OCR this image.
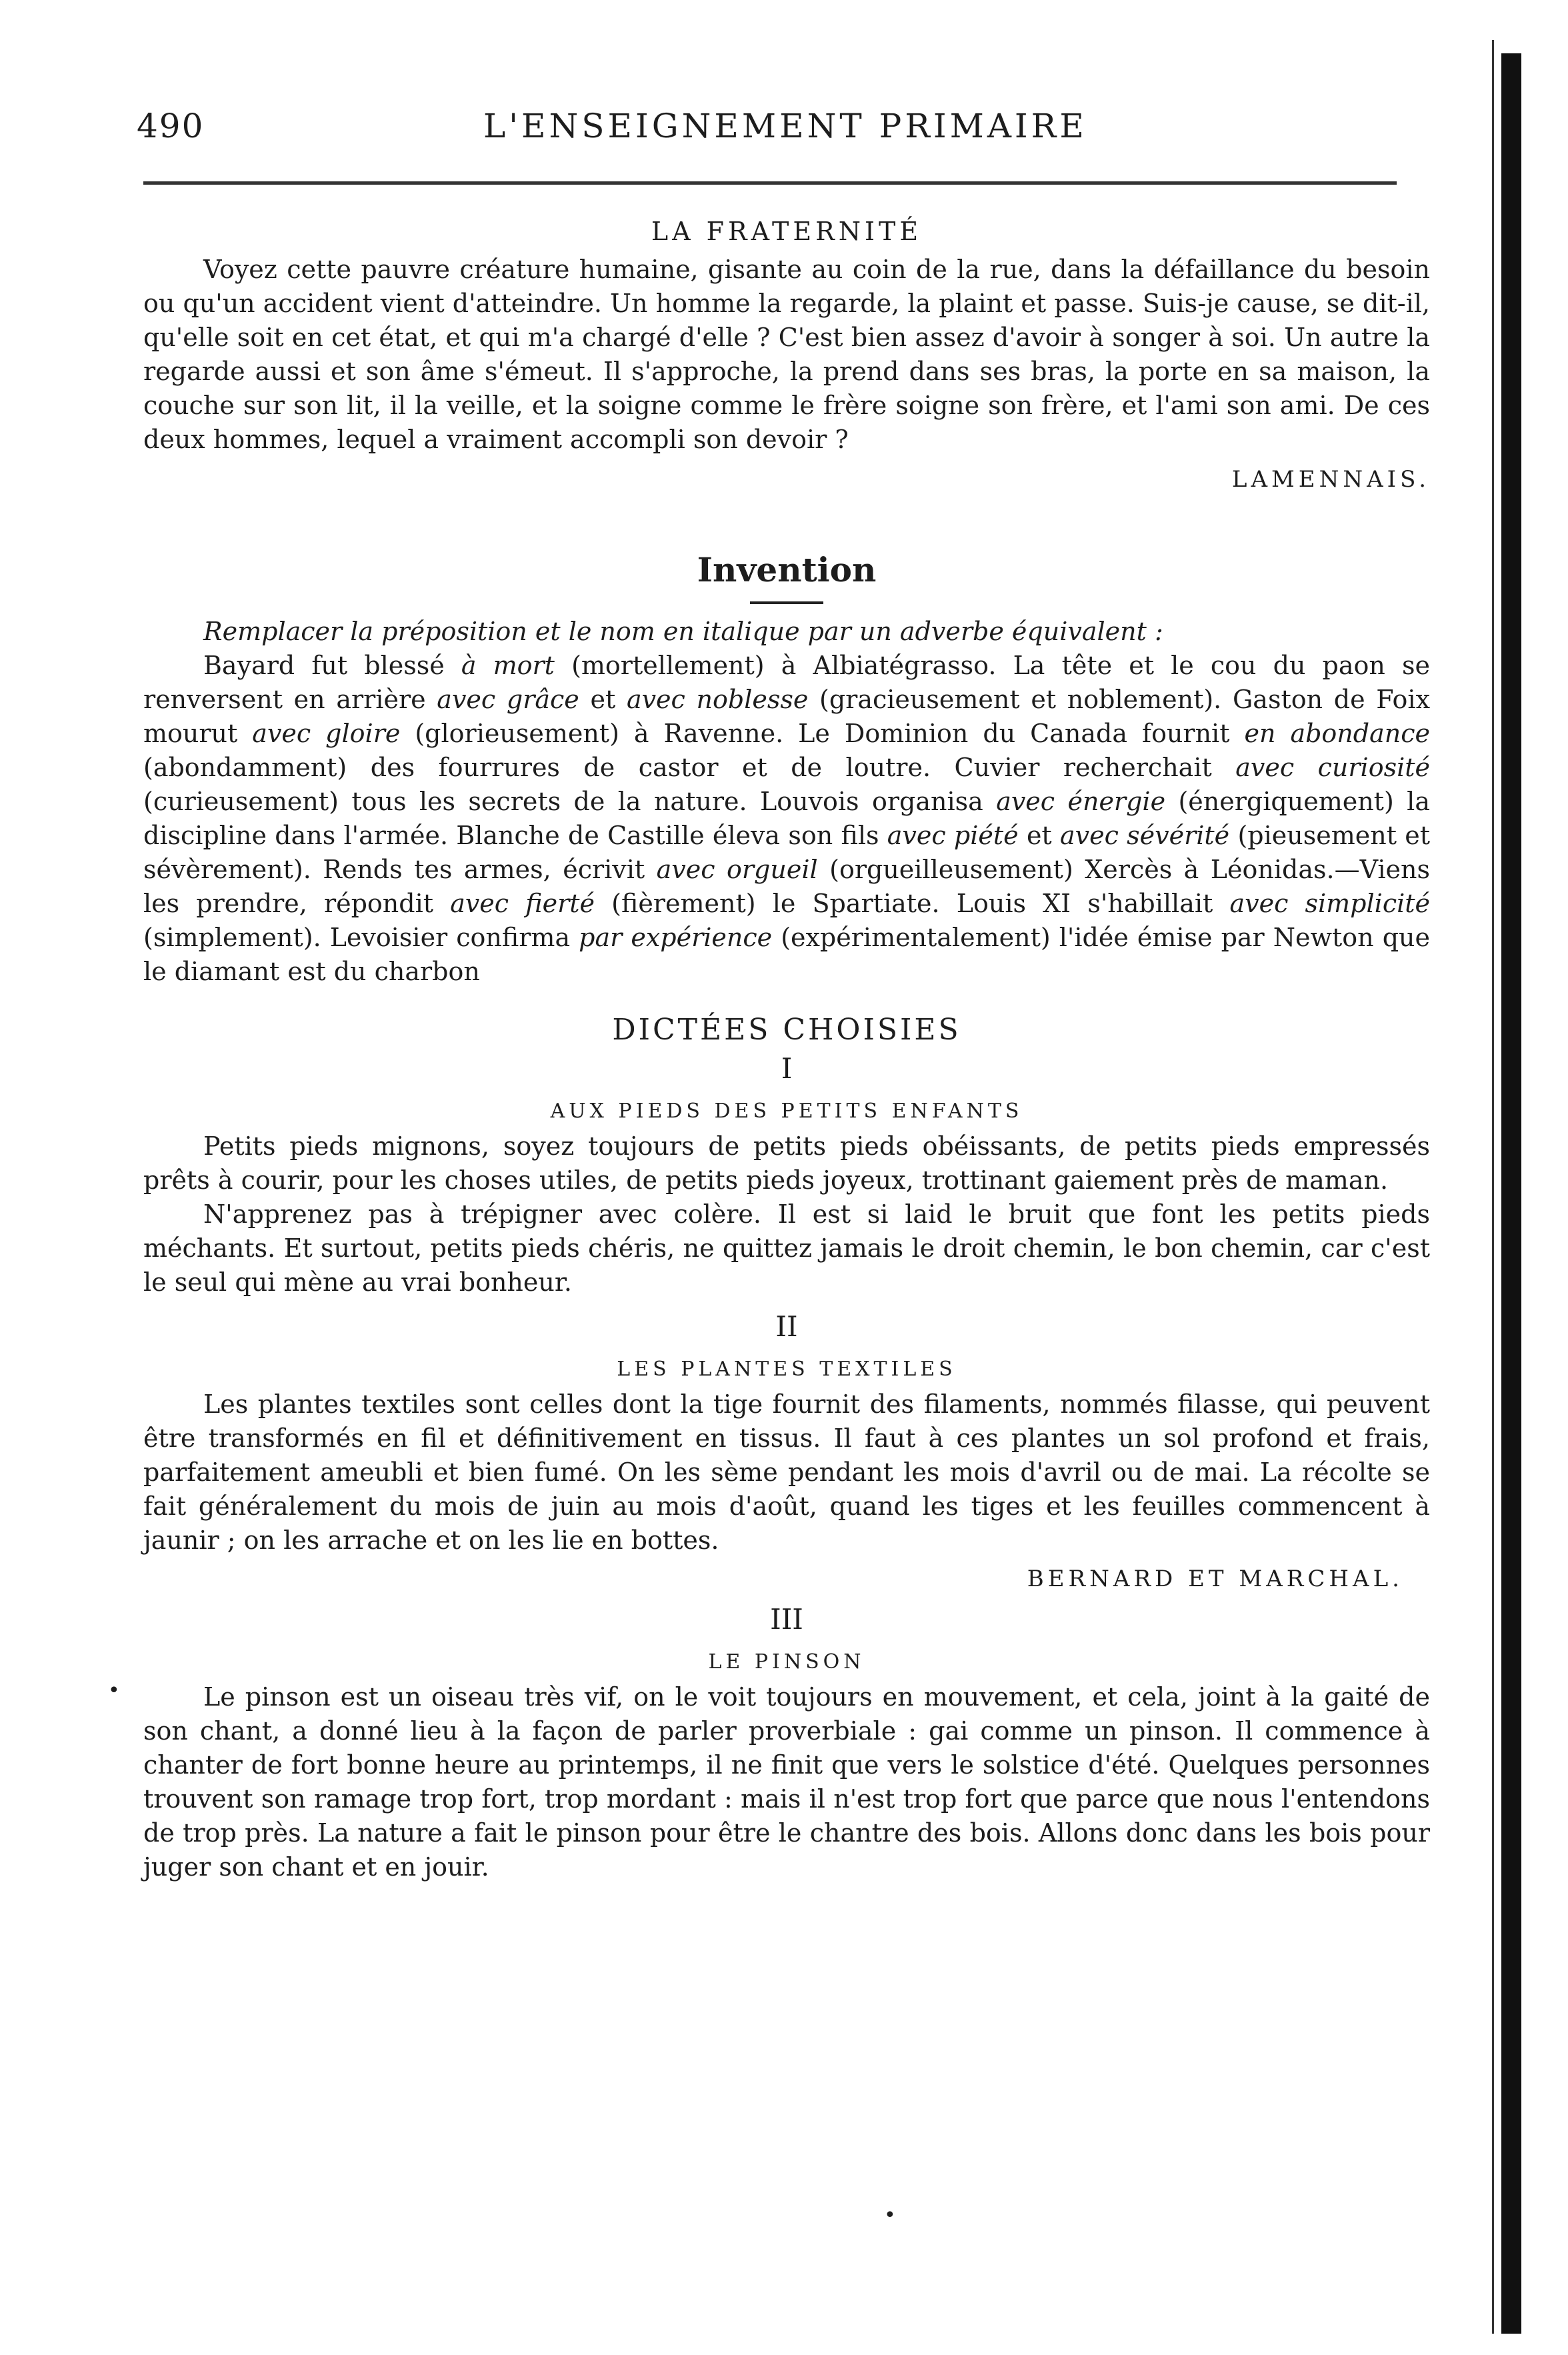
490	L'ENSEIGNEMENT PRIMAIRE

LA FRATERNITÉ

Voyez cette pauvre créature humaine, gisante au coin de la rue, dans la défaillance du besoin ou qu'un accident vient d'atteindre. Un homme la regarde, la plaint et passe. Suis-je cause, se dit-il, qu'elle soit en cet état, et qui m'a chargé d'elle ? C'est bien assez d'avoir à songer à soi. Un autre la regarde aussi et son âme s'émeut. Il s'approche, la prend dans ses bras, la porte en sa maison, la couche sur son lit, il la veille, et la soigne comme le frère soigne son frère, et l'ami son ami. De ces deux hommes, lequel a vraiment accompli son devoir ?

LAMENNAIS.

Invention

Remplacer la préposition et le nom en italique par un adverbe équivalent :

Bayard fut blessé à mort (mortellement) à Albiatégrasso. La tête et le cou du paon se renversent en arrière avec grâce et avec noblesse (gracieusement et noblement). Gaston de Foix mourut avec gloire (glorieusement) à Ravenne. Le Dominion du Canada fournit en abondance (abondamment) des fourrures de castor et de loutre. Cuvier recherchait avec curiosité (curieusement) tous les secrets de la nature. Louvois organisa avec énergie (énergiquement) la discipline dans l'armée. Blanche de Castille éleva son fils avec piété et avec sévérité (pieusement et sévèrement). Rends tes armes, écrivit avec orgueil (orgueilleusement) Xercès à Léonidas.—Viens les prendre, répondit avec fierté (fièrement) le Spartiate. Louis XI s'habillait avec simplicité (simplement). Levoisier confirma par expérience (expérimentalement) l'idée émise par Newton que le diamant est du charbon

DICTÉES CHOISIES

I

AUX PIEDS DES PETITS ENFANTS

Petits pieds mignons, soyez toujours de petits pieds obéissants, de petits pieds empressés prêts à courir, pour les choses utiles, de petits pieds joyeux, trottinant gaiement près de maman.

N'apprenez pas à trépigner avec colère. Il est si laid le bruit que font les petits pieds méchants. Et surtout, petits pieds chéris, ne quittez jamais le droit chemin, le bon chemin, car c'est le seul qui mène au vrai bonheur.

II

LES PLANTES TEXTILES

Les plantes textiles sont celles dont la tige fournit des filaments, nommés filasse, qui peuvent être transformés en fil et définitivement en tissus. Il faut à ces plantes un sol profond et frais, parfaitement ameubli et bien fumé. On les sème pendant les mois d'avril ou de mai. La récolte se fait généralement du mois de juin au mois d'août, quand les tiges et les feuilles commencent à jaunir ; on les arrache et on les lie en bottes.

BERNARD ET MARCHAL.

III

LE PINSON

Le pinson est un oiseau très vif, on le voit toujours en mouvement, et cela, joint à la gaité de son chant, a donné lieu à la façon de parler proverbiale : gai comme un pinson. Il commence à chanter de fort bonne heure au printemps, il ne finit que vers le solstice d'été. Quelques personnes trouvent son ramage trop fort, trop mordant : mais il n'est trop fort que parce que nous l'entendons de trop près. La nature a fait le pinson pour être le chantre des bois. Allons donc dans les bois pour juger son chant et en jouir.

•
•
